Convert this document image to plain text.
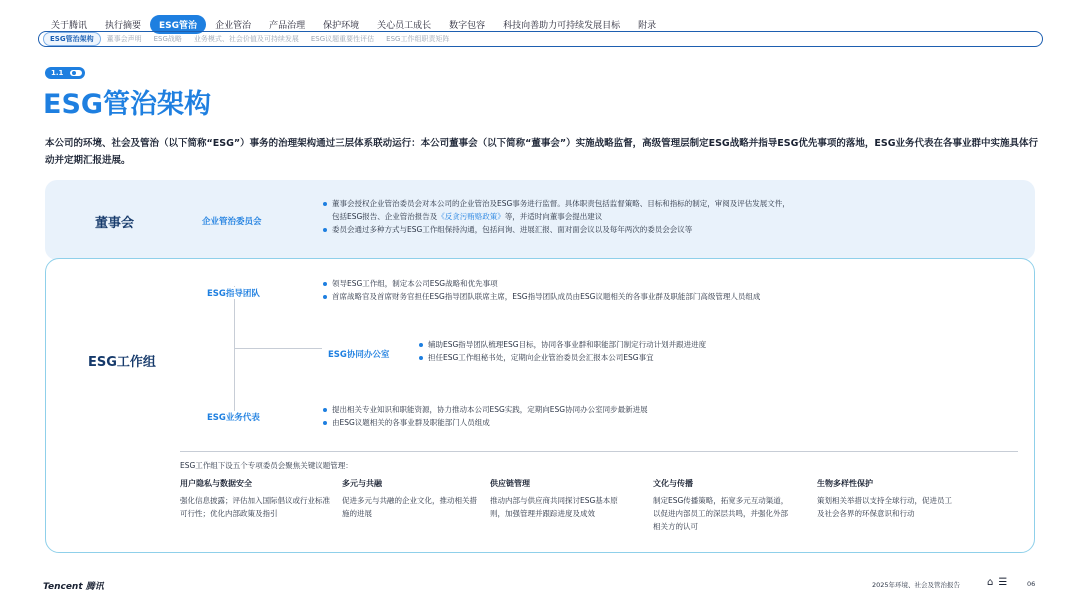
关于腾讯	执行摘要	ESG管治	企业管治	产品治理	保护环境	关心员工成长	数字包容	科技向善助力可持续发展目标	附录
ESG管治架构	董事会声明	ESG战略	业务模式、社会价值及可持续发展	ESG议题重要性评估	ESG工作组职责矩阵
1.1
ESG管治架构
本公司的环境、社会及管治（以下简称“ESG”）事务的治理架构通过三层体系联动运行：本公司董事会（以下简称“董事会”）实施战略监督，高级管理层制定ESG战略并指导ESG优先事项的落地，ESG业务代表在各事业群中实施具体行动并定期汇报进展。
董事会	企业管治委员会
董事会授权企业管治委员会对本公司的企业管治及ESG事务进行监督。具体职责包括监督策略、目标和指标的制定，审阅及评估发展文件，
包括ESG报告、企业管治报告及《反贪污贿赂政策》等，并适时向董事会提出建议
委员会通过多种方式与ESG工作组保持沟通，包括问询、进展汇报、面对面会议以及每年两次的委员会会议等
ESG工作组
ESG指导团队
领导ESG工作组，制定本公司ESG战略和优先事项
首席战略官及首席财务官担任ESG指导团队联席主席，ESG指导团队成员由ESG议题相关的各事业群及职能部门高级管理人员组成
ESG协同办公室
辅助ESG指导团队梳理ESG目标，协同各事业群和职能部门制定行动计划并跟进进度
担任ESG工作组秘书处，定期向企业管治委员会汇报本公司ESG事宜
ESG业务代表
提出相关专业知识和职能资源，协力推动本公司ESG实践，定期向ESG协同办公室同步最新进展
由ESG议题相关的各事业群及职能部门人员组成
ESG工作组下设五个专项委员会聚焦关键议题管理：
用户隐私与数据安全
强化信息披露；评估加入国际倡议或行业标准可行性；优化内部政策及指引
多元与共融
促进多元与共融的企业文化，推动相关措施的进展
供应链管理
推动内部与供应商共同探讨ESG基本原则，加强管理并跟踪进度及成效
文化与传播
制定ESG传播策略，拓宽多元互动渠道，以促进内部员工的深层共鸣，并强化外部相关方的认可
生物多样性保护
策划相关举措以支持全球行动，促进员工及社会各界的环保意识和行动
Tencent 腾讯	2025年环境、社会及管治报告	⌂ ☰	06
